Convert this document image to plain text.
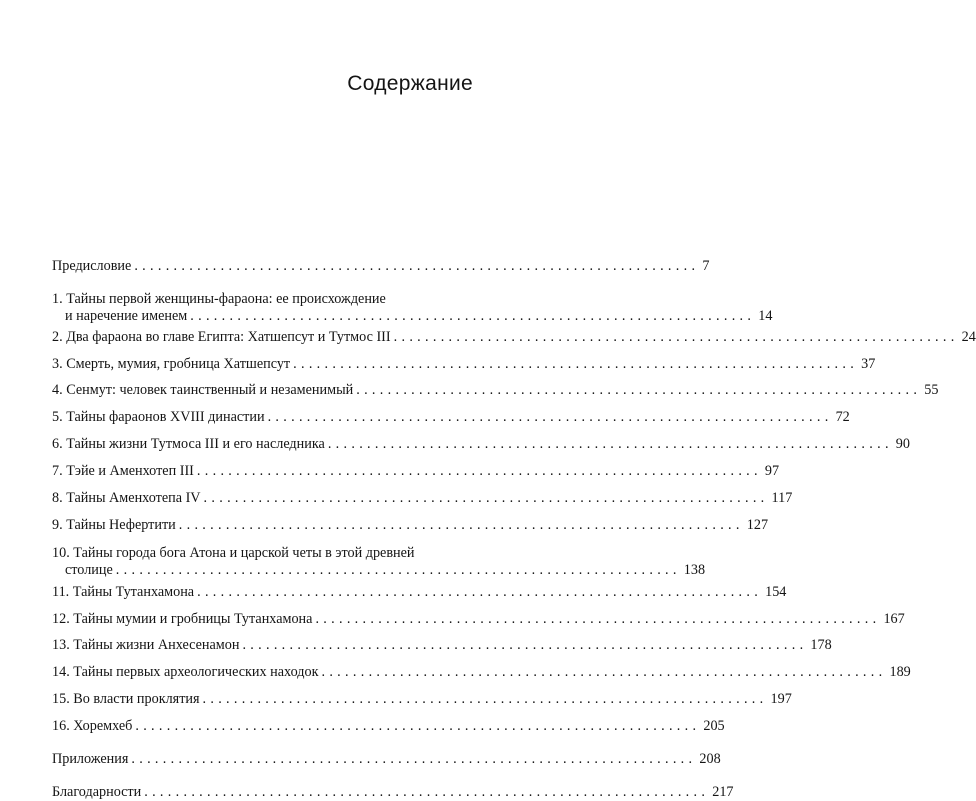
Содержание
Предисловие ........................................................................ 7
1. Тайны первой женщины-фараона: ее происхождение
и наречение именем ........................................................................ 14
2. Два фараона во главе Египта: Хатшепсут и Тутмос III ........................................................................ 24
3. Смерть, мумия, гробница Хатшепсут ........................................................................ 37
4. Сенмут: человек таинственный и незаменимый ........................................................................ 55
5. Тайны фараонов XVIII династии ........................................................................ 72
6. Тайны жизни Тутмоса III и его наследника ........................................................................ 90
7. Тэйе и Аменхотеп III ........................................................................ 97
8. Тайны Аменхотепа IV ........................................................................ 117
9. Тайны Нефертити ........................................................................ 127
10. Тайны города бога Атона и царской четы в этой древней
столице ........................................................................ 138
11. Тайны Тутанхамона ........................................................................ 154
12. Тайны мумии и гробницы Тутанхамона ........................................................................ 167
13. Тайны жизни Анхесенамон ........................................................................ 178
14. Тайны первых археологических находок ........................................................................ 189
15. Во власти проклятия ........................................................................ 197
16. Хоремхеб ........................................................................ 205
Приложения ........................................................................ 208
Благодарности ........................................................................ 217
